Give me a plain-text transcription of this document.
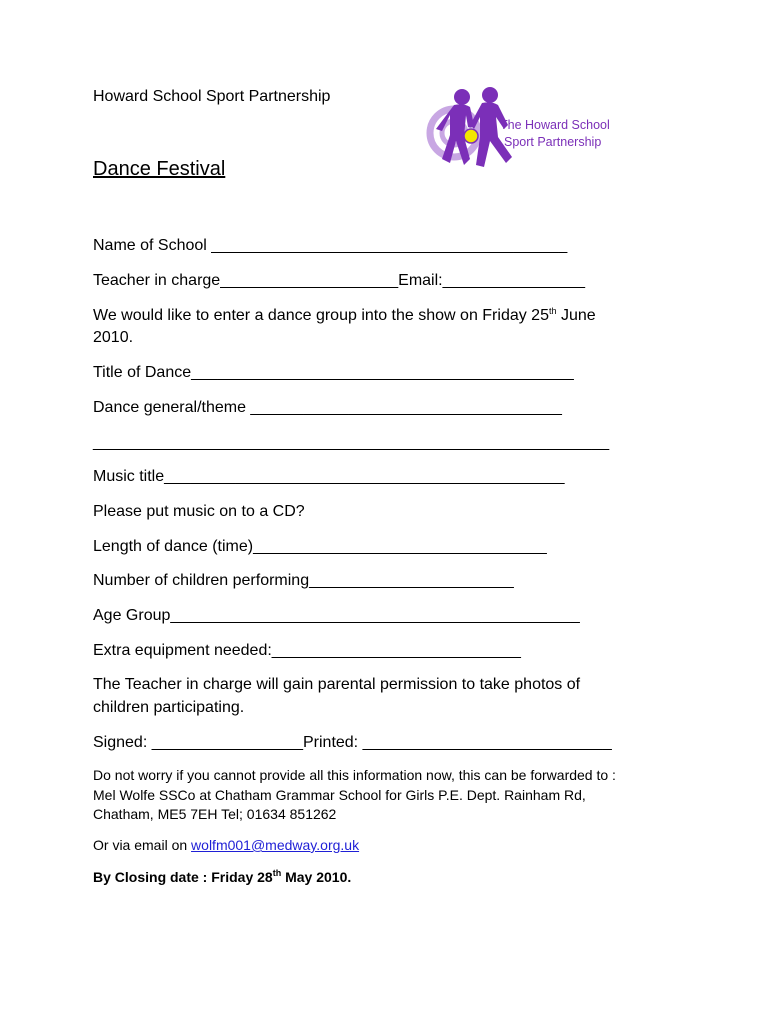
Howard School Sport Partnership
The Howard School
Sport Partnership
Dance Festival
Name of School ________________________________________
Teacher in charge____________________Email:________________
We would like to enter a dance group into the show on Friday 25th June
2010.
Title of Dance___________________________________________
Dance general/theme ___________________________________
__________________________________________________________
Music title_____________________________________________
Please put music on to a CD?
Length of dance (time)_________________________________
Number of children performing_______________________
Age Group______________________________________________
Extra equipment needed:____________________________
The Teacher in charge will gain parental permission to take photos of
children participating.
Signed: _________________Printed: ____________________________
Do not worry if you cannot provide all this information now, this can be forwarded to :
Mel Wolfe SSCo at Chatham Grammar School for Girls P.E. Dept. Rainham Rd,
Chatham, ME5 7EH Tel; 01634 851262
Or via email on wolfm001@medway.org.uk
By Closing date : Friday 28th May 2010.
